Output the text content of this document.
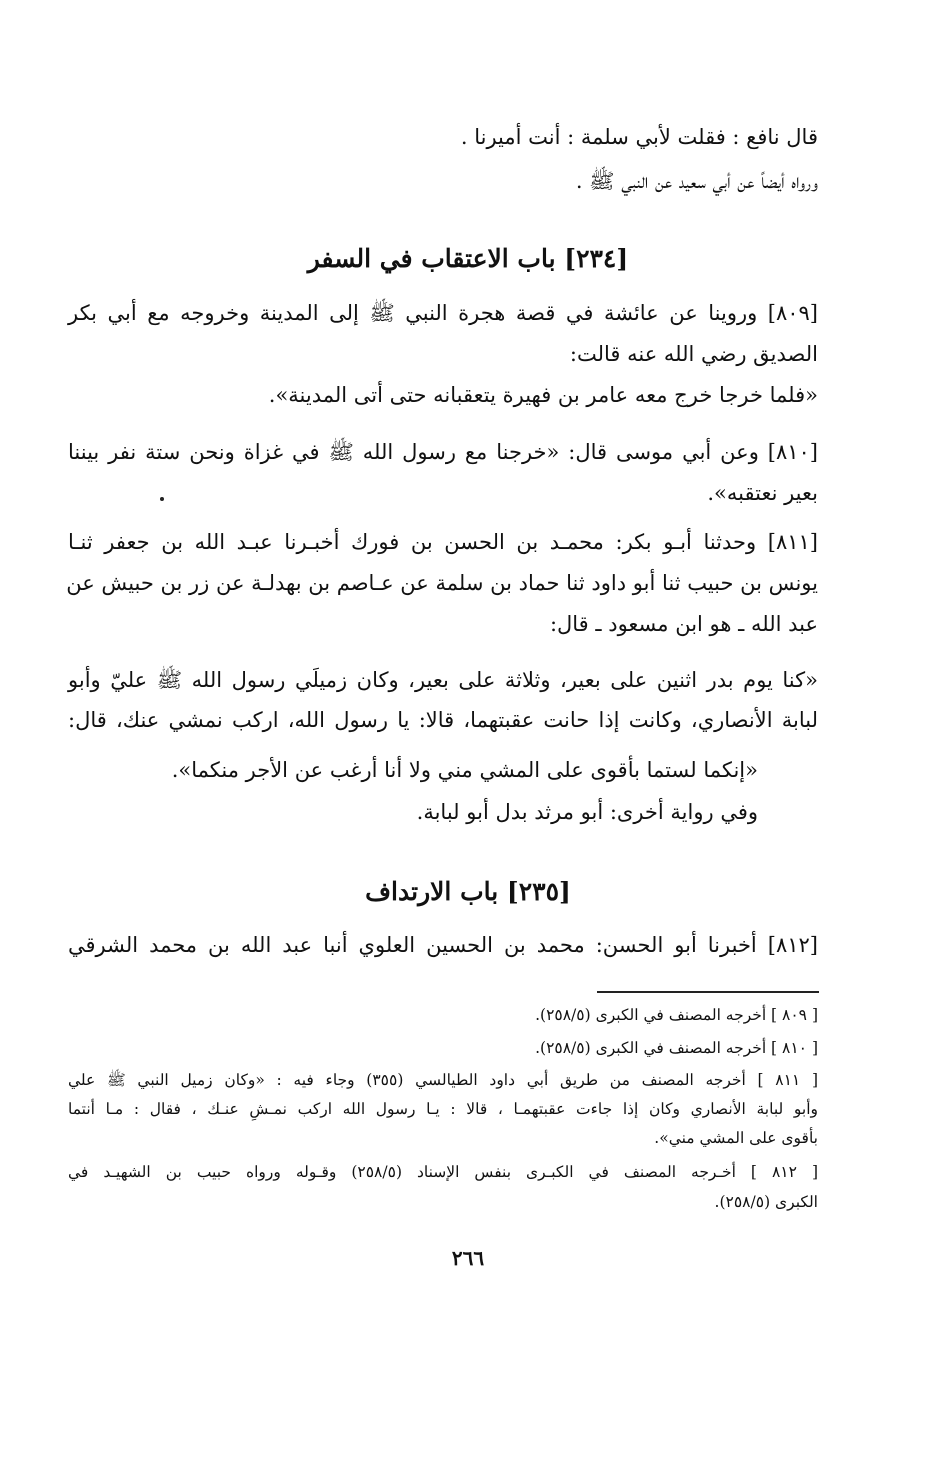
قال نافع : فقلت لأبي سلمة : أنت أميرنا .
ورواه أيضاً عن أبي سعيد عن النبي ﷺ .
[٢٣٤] باب الاعتقاب في السفر
[٨٠٩] وروينا عن عائشة في قصة هجرة النبي ﷺ إلى المدينة وخروجه مع أبي بكر
الصديق رضي الله عنه قالت:
«فلما خرجا خرج معه عامر بن فهيرة يتعقبانه حتى أتى المدينة».
[٨١٠] وعن أبي موسى قال: «خرجنا مع رسول الله ﷺ في غزاة ونحن ستة نفر بيننا
بعير نعتقبه».
[٨١١] وحدثنا أبـو بكر: محمـد بن الحسن بن فورك أخبـرنا عبـد الله بن جعفر ثنـا
يونس بن حبيب ثنا أبو داود ثنا حماد بن سلمة عن عـاصم بن بهدلـة عن زر بن حبيش عن
عبد الله ـ هو ابن مسعود ـ قال:
«كنا يوم بدر اثنين على بعير، وثلاثة على بعير، وكان زميلَي رسول الله ﷺ عليّ وأبو
لبابة الأنصاري، وكانت إذا حانت عقبتهما، قالا: يا رسول الله، اركب نمشي عنك، قال:
«إنكما لستما بأقوى على المشي مني ولا أنا أرغب عن الأجر منكما».
وفي رواية أخرى: أبو مرثد بدل أبو لبابة.
[٢٣٥] باب الارتداف
[٨١٢] أخبرنا أبو الحسن: محمد بن الحسين العلوي أنبا عبد الله بن محمد الشرقي
[ ٨٠٩ ] أخرجه المصنف في الكبرى (٢٥٨/٥).
[ ٨١٠ ] أخرجه المصنف في الكبرى (٢٥٨/٥).
[ ٨١١ ] أخرجه المصنف من طريق أبي داود الطيالسي (٣٥٥) وجاء فيه : «وكان زميل النبي ﷺ علي
وأبو لبابة الأنصاري وكان إذا جاءت عقبتهمـا ، قالا : يـا رسول الله اركب نمـشِ عنـك ، فقال : مـا أنتما
بأقوى على المشي مني».
[ ٨١٢ ] أخـرجه المصنف في الكبـرى بنفس الإسناد (٢٥٨/٥) وقـوله ورواه حبيب بن الشهيـد في
الكبرى (٢٥٨/٥).
٢٦٦
